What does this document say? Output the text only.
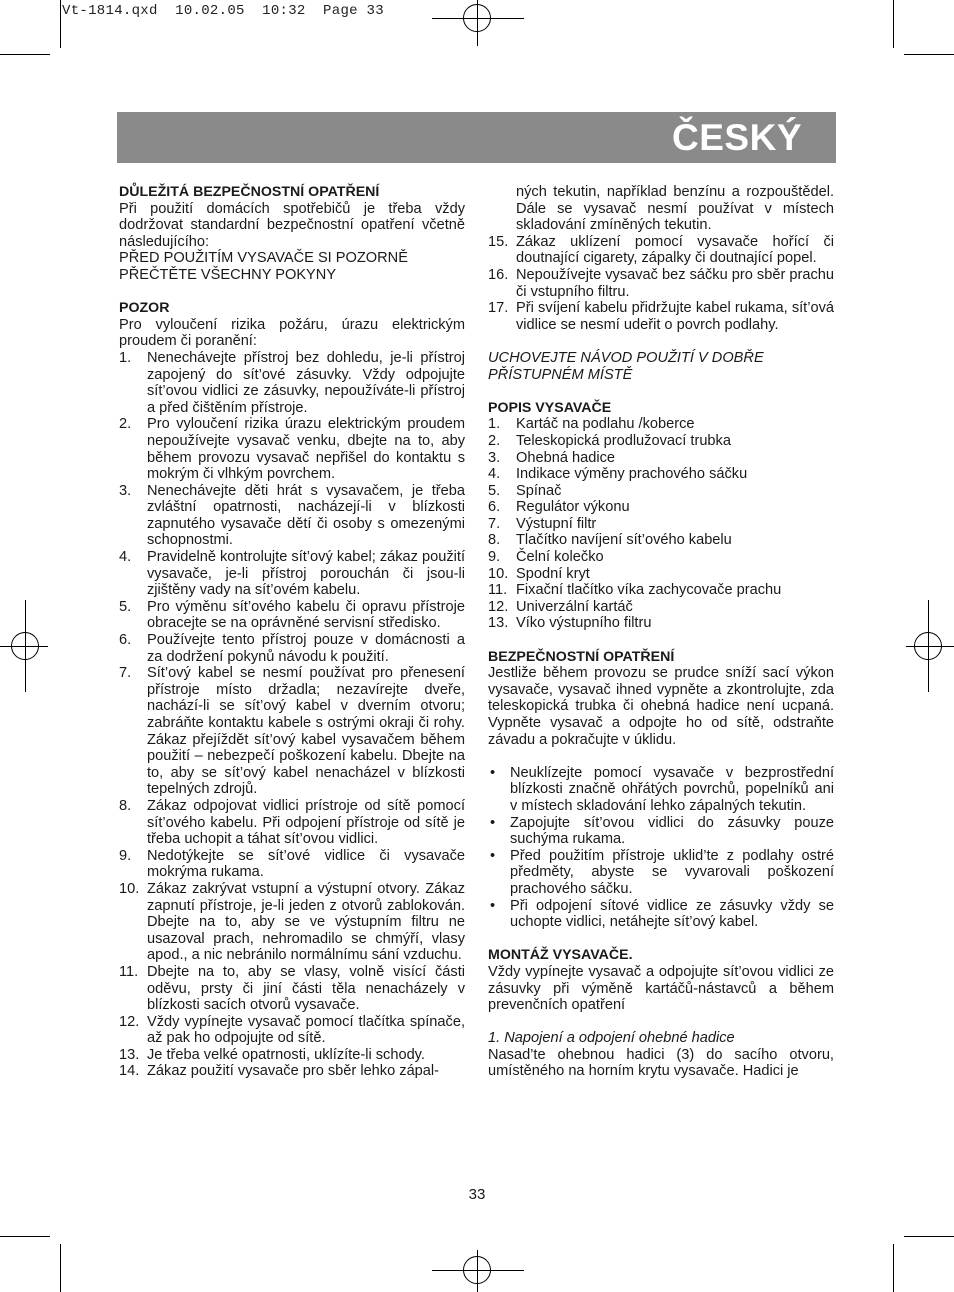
Vt-1814.qxd  10.02.05  10:32  Page 33
ČESKÝ

DŮLEŽITÁ BEZPEČNOSTNÍ OPATŘENÍ

Při použití domácích spotřebičů je třeba vždy dodržovat standardní bezpečnostní opatření včetně následujícího:

PŘED POUŽITÍM VYSAVAČE SI POZORNĚ PŘEČTĚTE VŠECHNY POKYNY

POZOR

Pro vyloučení rizika požáru, úrazu elektrickým proudem či poranění:

1. Nenechávejte přístroj bez dohledu, je-li přístroj zapojený do sít’ové zásuvky. Vždy odpojujte sít’ovou vidlici ze zásuvky, nepoužíváte-li přístroj a před čištěním přístroje.

2. Pro vyloučení rizika úrazu elektrickým proudem nepoužívejte vysavač venku, dbejte na to, aby během provozu vysavač nepřišel do kontaktu s mokrým či vlhkým povrchem.

3. Nenechávejte děti hrát s vysavačem, je třeba zvláštní opatrnosti, nacházejí-li v blízkosti zapnutého vysavače dětí či osoby s omezenými schopnostmi.

4. Pravidelně kontrolujte sít’ový kabel; zákaz použití vysavače, je-li přístroj porouchán či jsou-li zjištěny vady na sít’ovém kabelu.

5. Pro výměnu sít’ového kabelu či opravu přístroje obracejte se na oprávněné servisní středisko.

6. Používejte tento přístroj pouze v domácnosti a za dodržení pokynů návodu k použití.

7. Sít’ový kabel se nesmí používat pro přenesení přístroje místo držadla; nezavírejte dveře, nachází-li se sít’ový kabel v dverním otvoru; zabráňte kontaktu kabele s ostrými okraji či rohy. Zákaz přejíždět sít’ový kabel vysavačem během použití – nebezpečí poškození kabelu. Dbejte na to, aby se sít’ový kabel nenacházel v blízkosti tepelných zdrojů.

8. Zákaz odpojovat vidlici prístroje od sítě pomocí sít’ového kabelu. Při odpojení přístroje od sítě je třeba uchopit a táhat sít’ovou vidlici.

9. Nedotýkejte se sít’ové vidlice či vysavače mokrýma rukama.

10. Zákaz zakrývat vstupní a výstupní otvory. Zákaz zapnutí přístroje, je-li jeden z otvorů zablokován. Dbejte na to, aby se ve výstupním filtru ne usazoval prach, nehromadilo se chmýří, vlasy apod., a nic nebránilo normálnímu sání vzduchu.

11. Dbejte na to, aby se vlasy, volně visící části oděvu, prsty či jiní části těla nenacházely v blízkosti sacích otvorů vysavače.

12. Vždy vypínejte vysavač pomocí tlačítka spínače, až pak ho odpojujte od sítě.

13. Je třeba velké opatrnosti, uklízíte-li schody.

14. Zákaz použití vysavače pro sběr lehko zápal-

ných tekutin, například benzínu a rozpouštědel. Dále se vysavač nesmí používat v místech skladování zmíněných tekutin.

15. Zákaz uklízení pomocí vysavače hořící či doutnající cigarety, zápalky či doutnající popel.

16. Nepoužívejte vysavač bez sáčku pro sběr prachu či vstupního filtru.

17. Při svíjení kabelu přidržujte kabel rukama, sít’ová vidlice se nesmí udeřit o povrch podlahy.

UCHOVEJTE NÁVOD POUŽITÍ V DOBŘE PŘÍSTUPNÉM MÍSTĚ

POPIS VYSAVAČE

1. Kartáč na podlahu /koberce

2. Teleskopická prodlužovací trubka

3. Ohebná hadice

4. Indikace výměny prachového sáčku

5. Spínač

6. Regulátor výkonu

7. Výstupní filtr

8. Tlačítko navíjení sít’ového kabelu

9. Čelní kolečko

10. Spodní kryt

11. Fixační tlačítko víka zachycovače prachu

12. Univerzální kartáč

13. Víko výstupního filtru

BEZPEČNOSTNÍ OPATŘENÍ

Jestliže během provozu se prudce sníží sací výkon vysavače, vysavač ihned vypněte a zkontrolujte, zda teleskopická trubka či ohebná hadice není ucpaná. Vypněte vysavač a odpojte ho od sítě, odstraňte závadu a pokračujte v úklidu.

• Neuklízejte pomocí vysavače v bezprostřední blízkosti značně ohřátých povrchů, popelníků ani v místech skladování lehko zápalných tekutin.

• Zapojujte sít’ovou vidlici do zásuvky pouze suchýma rukama.

• Před použitím přístroje uklid’te z podlahy ostré předměty, abyste se vyvarovali poškození prachového sáčku.

• Při odpojení sítové vidlice ze zásuvky vždy se uchopte vidlici, netáhejte sít’ový kabel.

MONTÁŽ VYSAVAČE.

Vždy vypínejte vysavač a odpojujte sít’ovou vidlici ze zásuvky při výměně kartáčů-nástavců a během prevenčních opatření

1. Napojení a odpojení ohebné hadice

Nasad’te ohebnou hadici (3) do sacího otvoru, umístěného na horním krytu vysavače. Hadici je

33
